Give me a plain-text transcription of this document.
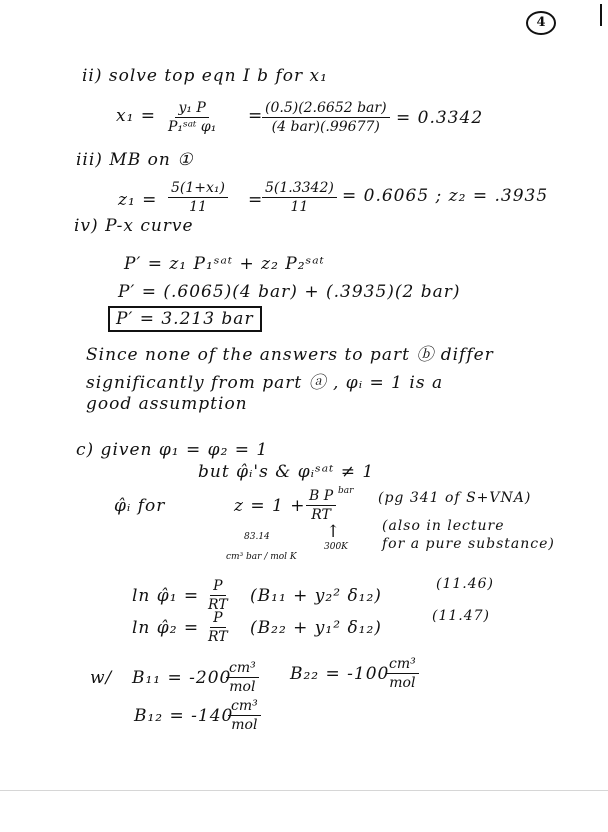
4
ii) solve top eqn I b for x₁
x₁ = y₁ P
P₁ˢᵃᵗ φ₁
= (0.5)(2.6652 bar)
(4 bar)(.99677) = 0.3342
iii) MB on ①
$z_1 = \frac{\text{5(1+x₁)}}{11}$ =
$\frac{5(1.3342)}{11} = 0.6065$ ; z₂ = .3935
iv) P-x curve
P′ = z₁ P₁ˢᵃᵗ + z₂ P₂ˢᵃᵗ
P′ = (.6065)(4 bar) + (.3935)(2 bar)
P′ = 3.213 bar
Since none of the answers to part ⓑ differ
significantly from part ⓐ , φᵢ = 1 is a
good assumption
c) given φ₁ = φ₂ = 1
but φ̂ᵢ's & φᵢˢᵃᵗ ≠ 1
φ̂ᵢ for	$z = 1 + \frac{\text{B P}}{RT}$ bar (pg 341 of S+VNA)
83.14
cm³ bar / mol K
↑
300K
(also in lecture
for a pure substance)
ln φ̂₁ = $\frac{P}{RT} (B_{11} + y_2^2$ δ₁₂)
(11.46)
ln φ̂₂ = $\frac{P}{RT} (B_{22} + y_1^2$ δ₁₂)
(11.47)
w/ B₁₁ = -200
cm³
mol
B₂₂ = -100 cm³
mol
B₁₂ = -140
cm³
mol
